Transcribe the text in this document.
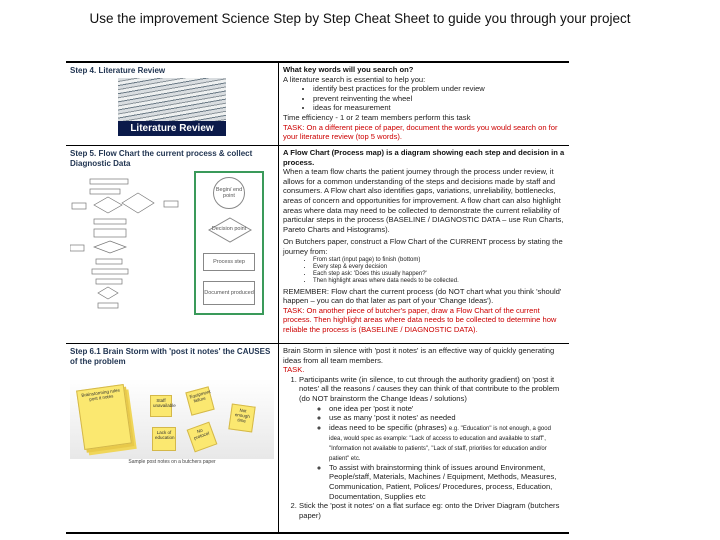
Use the improvement Science Step by Step Cheat Sheet to guide you through your project
Step 4. Literature Review
Literature Review
What key words will you search on?
A literature search is essential to help you:
• identify best practices for the problem under review
• prevent reinventing the wheel
• ideas for measurement
Time efficiency - 1 or 2 team members perform this task
TASK: On a different piece of paper, document the words you would search on for your literature review (top 5 words).
Step 5. Flow Chart the current process & collect Diagnostic Data
Begin/ end point
Decision point
Process step
Document produced
A Flow Chart (Process map) is a diagram showing each step and decision in a process.
When a team flow charts the patient journey through the process under review, it allows for a common understanding of the steps and decisions made by staff and consumers. A Flow chart also identifies gaps, variations, unreliability, bottlenecks, areas of concern and opportunities for improvement. A flow chart can also highlight areas where data may need to be collected to demonstrate the current reliability of particular steps in the process (BASELINE / DIAGNOSTIC DATA – use Run Charts, Pareto Charts and Histograms).
On Butchers paper, construct a Flow Chart of the CURRENT process by stating the journey from:
• From start (input page) to finish (bottom)
• Every step & every decision
• Each step ask: 'Does this usually happen?'
• Then highlight areas where data needs to be collected.
REMEMBER: Flow chart the current process (do NOT chart what you think 'should' happen – you can do that later as part of your 'Change Ideas').
TASK: On another piece of butcher's paper, draw a Flow Chart of the current process. Then highlight areas where data needs to be collected to determine how reliable the process is (BASELINE / DIAGNOSTIC DATA).
Step 6.1 Brain Storm with 'post it notes' the CAUSES of the problem
Brainstorming rules post it notes	Staff unavailable
Equipment failure
Not enough time
Lack of education
No protocol
Sample post notes on a butchers paper
Brain Storm in silence with 'post it notes' is an effective way of quickly generating ideas from all team members.
TASK.
1. Participants write (in silence, to cut through the authority gradient) on 'post it notes' all the reasons / causes they can think of that contribute to the problem (do NOT brainstorm the Change Ideas / solutions)
◦ one idea per 'post it note'
◦ use as many 'post it notes' as needed
◦ ideas need to be specific (phrases) e.g. "Education" is not enough, a good idea, would spec as example: "Lack of access to education and available to staff", "Information not available to patients", "Lack of staff, priorities for education and/or patient" etc.
◦ To assist with brainstorming think of issues around Environment, People/staff, Materials, Machines / Equipment, Methods, Measures, Communication, Patient, Polices/ Procedures, process, Education, Documentation, Supplies etc
2. Stick the 'post it notes' on a flat surface eg: onto the Driver Diagram (butchers paper)
